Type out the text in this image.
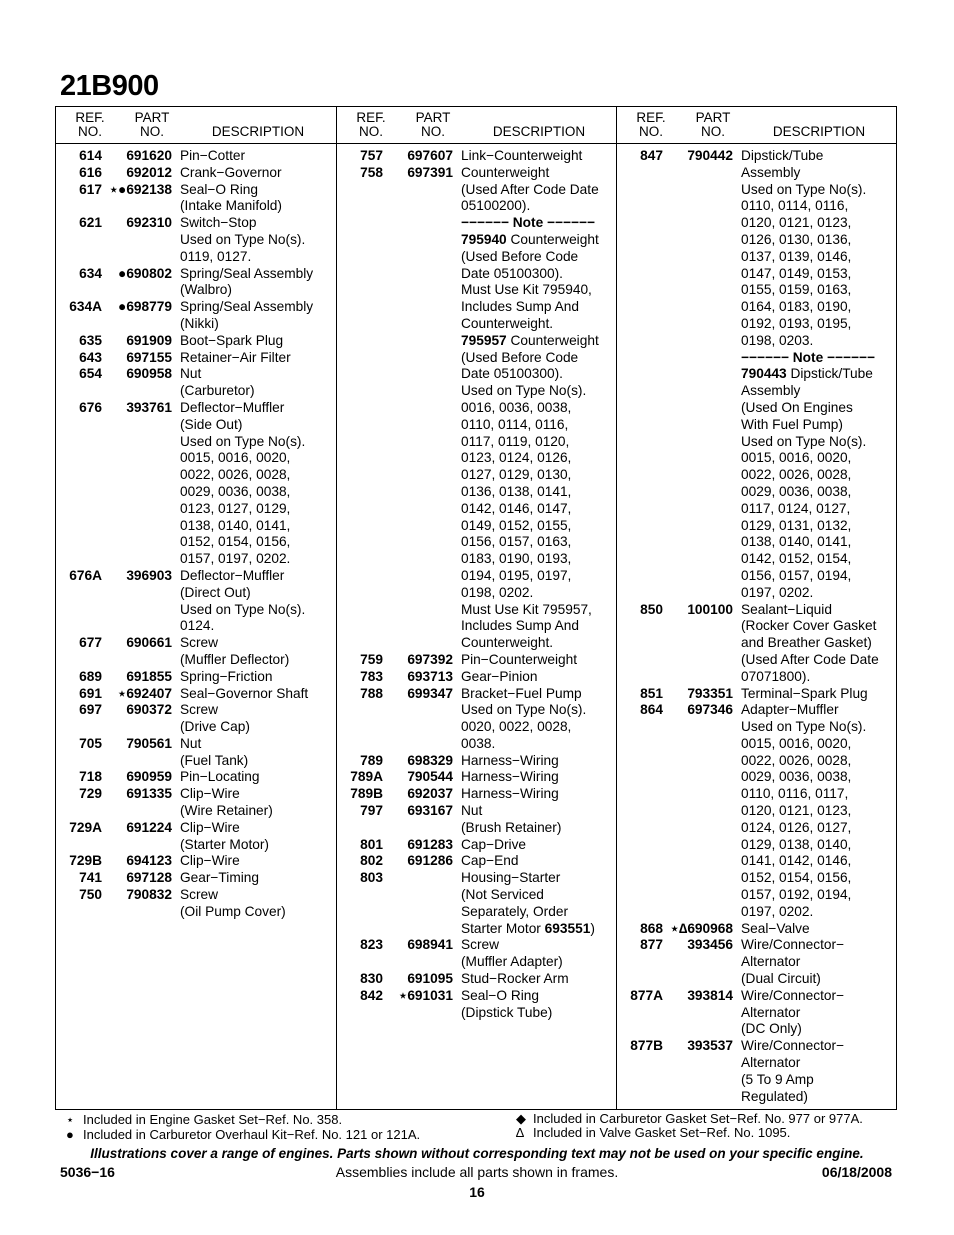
21B900
REF.
NO.
PART
NO.	DESCRIPTION
614	691620 Pin−Cotter
616	692012 Crank−Governor
617 ⋆●692138 Seal−O Ring
(Intake Manifold)
621	692310 Switch−Stop
Used on Type No(s).
0119, 0127.
634	●690802 Spring/Seal Assembly
(Walbro)
634A	●698779 Spring/Seal Assembly
(Nikki)
635	691909 Boot−Spark Plug
643	697155 Retainer−Air Filter
654	690958 Nut
(Carburetor)
676	393761 Deflector−Muffler
(Side Out)
Used on Type No(s).
0015, 0016, 0020,
0022, 0026, 0028,
0029, 0036, 0038,
0123, 0127, 0129,
0138, 0140, 0141,
0152, 0154, 0156,
0157, 0197, 0202.
676A	396903 Deflector−Muffler
(Direct Out)
Used on Type No(s).
0124.
677	690661 Screw
(Muffler Deflector)
689	691855 Spring−Friction
691	⋆692407 Seal−Governor Shaft
697	690372 Screw
(Drive Cap)
705	790561 Nut
(Fuel Tank)
718	690959 Pin−Locating
729	691335 Clip−Wire
(Wire Retainer)
729A	691224 Clip−Wire
(Starter Motor)
729B	694123 Clip−Wire
741	697128 Gear−Timing
750	790832 Screw
(Oil Pump Cover)
REF.
NO.
PART
NO.	DESCRIPTION
757	697607 Link−Counterweight
758	697391 Counterweight
(Used After Code Date
05100200).
−−−−−− Note −−−−−−
795940 Counterweight
(Used Before Code
Date 05100300).
Must Use Kit 795940,
Includes Sump And
Counterweight.
795957 Counterweight
(Used Before Code
Date 05100300).
Used on Type No(s).
0016, 0036, 0038,
0110, 0114, 0116,
0117, 0119, 0120,
0123, 0124, 0126,
0127, 0129, 0130,
0136, 0138, 0141,
0142, 0146, 0147,
0149, 0152, 0155,
0156, 0157, 0163,
0183, 0190, 0193,
0194, 0195, 0197,
0198, 0202.
Must Use Kit 795957,
Includes Sump And
Counterweight.
759	697392 Pin−Counterweight
783	693713 Gear−Pinion
788	699347 Bracket−Fuel Pump
Used on Type No(s).
0020, 0022, 0028,
0038.
789	698329 Harness−Wiring
789A	790544 Harness−Wiring
789B	692037 Harness−Wiring
797	693167 Nut
(Brush Retainer)
801	691283 Cap−Drive
802	691286 Cap−End
803	Housing−Starter
(Not Serviced
Separately, Order
Starter Motor 693551)
823	698941 Screw
(Muffler Adapter)
830	691095 Stud−Rocker Arm
842	⋆691031 Seal−O Ring
(Dipstick Tube)
REF.
NO.
PART
NO.	DESCRIPTION
847	790442 Dipstick/Tube
Assembly
Used on Type No(s).
0110, 0114, 0116,
0120, 0121, 0123,
0126, 0130, 0136,
0137, 0139, 0146,
0147, 0149, 0153,
0155, 0159, 0163,
0164, 0183, 0190,
0192, 0193, 0195,
0198, 0203.
−−−−−− Note −−−−−−
790443 Dipstick/Tube
Assembly
(Used On Engines
With Fuel Pump)
Used on Type No(s).
0015, 0016, 0020,
0022, 0026, 0028,
0029, 0036, 0038,
0117, 0124, 0127,
0129, 0131, 0132,
0138, 0140, 0141,
0142, 0152, 0154,
0156, 0157, 0194,
0197, 0202.
850	100100 Sealant−Liquid
(Rocker Cover Gasket
and Breather Gasket)
(Used After Code Date
07071800).
851	793351 Terminal−Spark Plug
864	697346 Adapter−Muffler
Used on Type No(s).
0015, 0016, 0020,
0022, 0026, 0028,
0029, 0036, 0038,
0110, 0116, 0117,
0120, 0121, 0123,
0124, 0126, 0127,
0129, 0138, 0140,
0141, 0142, 0146,
0152, 0154, 0156,
0157, 0192, 0194,
0197, 0202.
868 ⋆∆690968 Seal−Valve
877	393456 Wire/Connector−
Alternator
(Dual Circuit)
877A	393814 Wire/Connector−
Alternator
(DC Only)
877B	393537 Wire/Connector−
Alternator
(5 To 9 Amp
Regulated)
⋆ Included in Engine Gasket Set−Ref. No. 358.
● Included in Carburetor Overhaul Kit−Ref. No. 121 or 121A.
◆ Included in Carburetor Gasket Set−Ref. No. 977 or 977A.
∆ Included in Valve Gasket Set−Ref. No. 1095.
Illustrations cover a range of engines. Parts shown without corresponding text may not be used on your specific engine.
5036−16	Assemblies include all parts shown in frames.	06/18/2008
16
